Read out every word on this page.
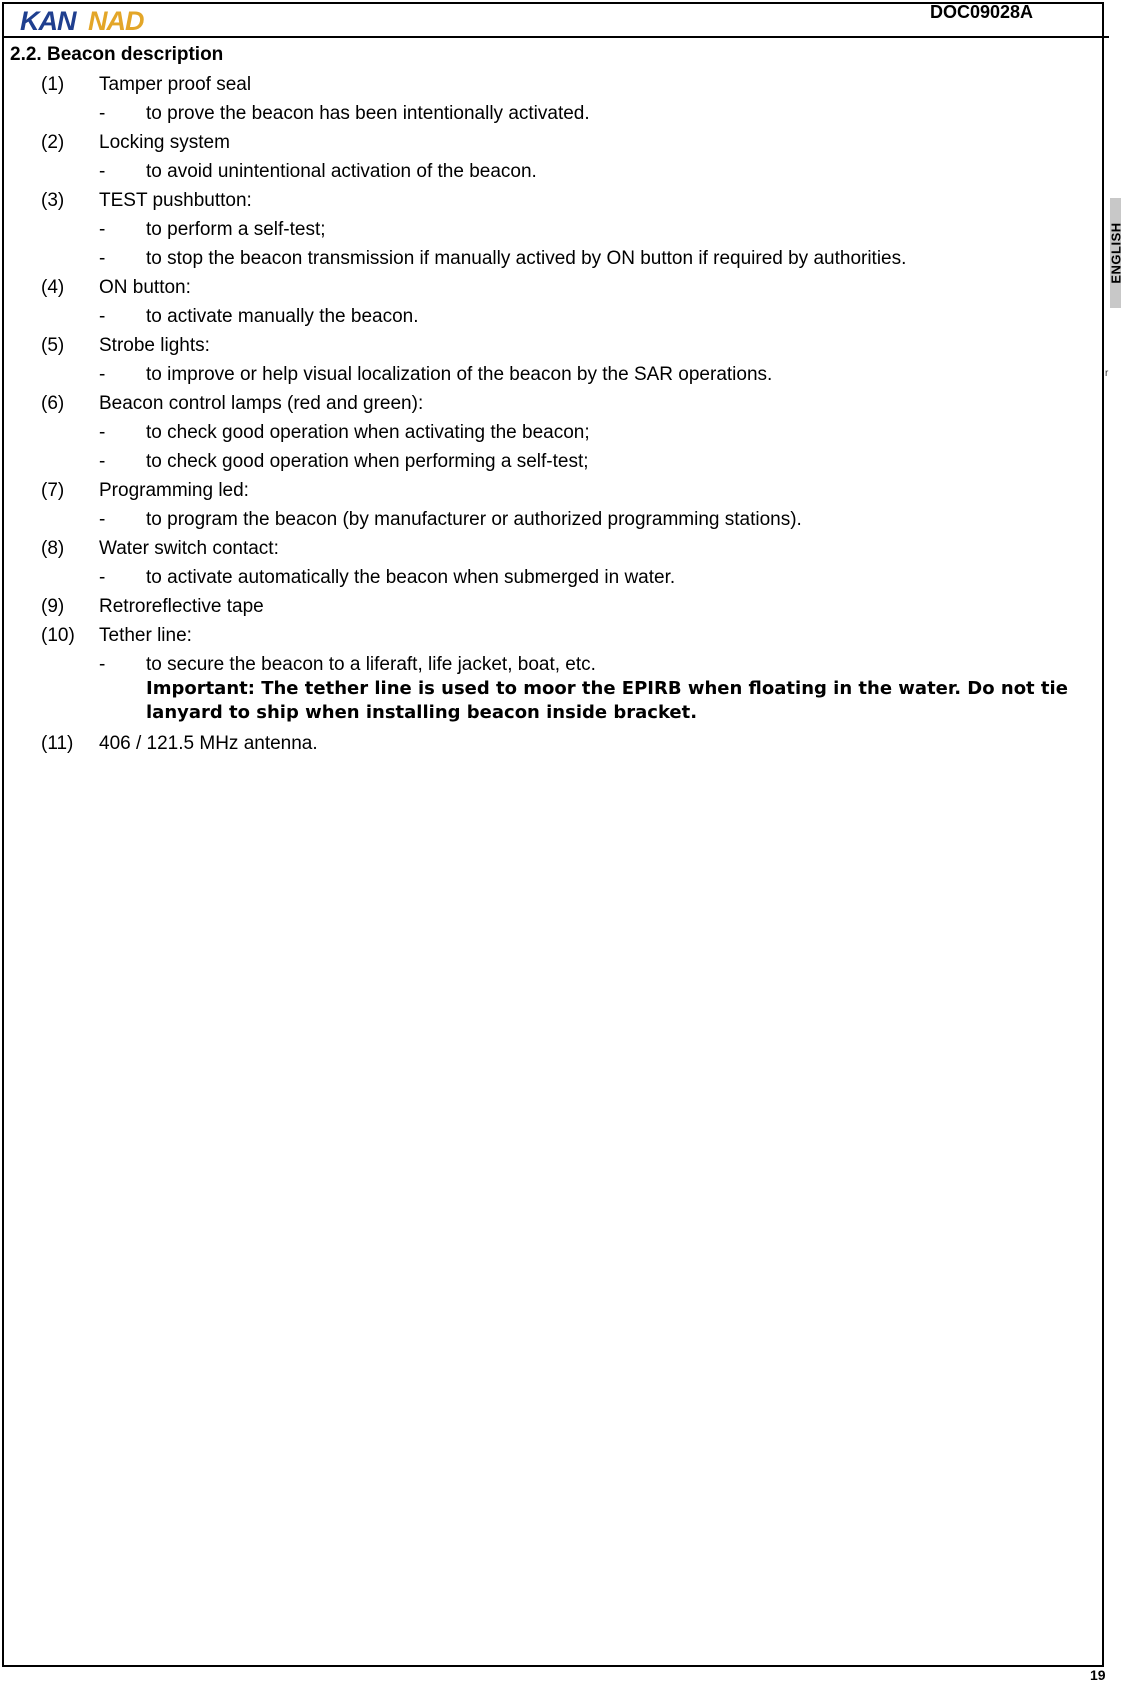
KAN NAD	DOC09028A
2.2. Beacon description
ENGLISH
r
(1) Tamper proof seal
- to prove the beacon has been intentionally activated.
(2) Locking system
- to avoid unintentional activation of the beacon.
(3) TEST pushbutton:
- to perform a self-test;
- to stop the beacon transmission if manually actived by ON button if required by authorities.
(4) ON button:
- to activate manually the beacon.
(5) Strobe lights:
- to improve or help visual localization of the beacon by the SAR operations.
(6) Beacon control lamps (red and green):
- to check good operation when activating the beacon;
- to check good operation when performing a self-test;
(7) Programming led:
- to program the beacon (by manufacturer or authorized programming stations).
(8) Water switch contact:
- to activate automatically the beacon when submerged in water.
(9) Retroreflective tape
(10) Tether line:
- to secure the beacon to a liferaft, life jacket, boat, etc.
Important: The tether line is used to moor the EPIRB when floating in the water. Do not tie lanyard to ship when installing beacon inside bracket.
(11) 406 / 121.5 MHz antenna.
19
